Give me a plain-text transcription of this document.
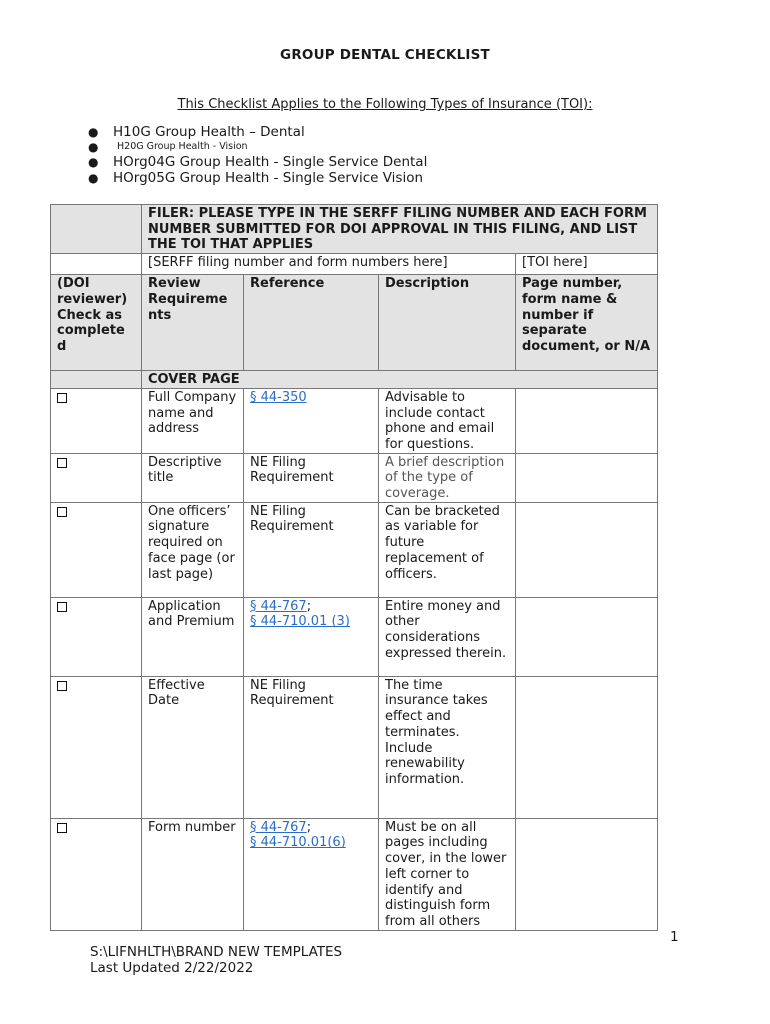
GROUP DENTAL CHECKLIST
This Checklist Applies to the Following Types of Insurance (TOI):
● H10G Group Health – Dental
● H20G Group Health - Vision
● HOrg04G Group Health - Single Service Dental
● HOrg05G Group Health - Single Service Vision
	FILER: PLEASE TYPE IN THE SERFF FILING NUMBER AND EACH FORM NUMBER SUBMITTED FOR DOI APPROVAL IN THIS FILING, AND LIST THE TOI THAT APPLIES			
	[SERFF filing number and form numbers here]			[TOI here]
(DOI reviewer) Check as complete d	Review Requireme nts	Reference	Description	Page number, form name & number if separate document, or N/A
	COVER PAGE			
	Full Company name and address	§ 44-350	Advisable to include contact phone and email for questions.	
	Descriptive title	NE Filing Requirement	A brief description of the type of coverage.	
	One officers’ signature required on face page (or last page)	NE Filing Requirement	Can be bracketed as variable for future replacement of officers.	
	Application and Premium	§ 44-767;
§ 44-710.01 (3)	Entire money and other considerations expressed therein.	
	Effective Date	NE Filing Requirement	The time insurance takes effect and terminates. Include renewability information.	
	Form number	§ 44-767;
§ 44-710.01(6)	Must be on all pages including cover, in the lower left corner to identify and distinguish form from all others	
1
S:\LIFNHLTH\BRAND NEW TEMPLATES
Last Updated 2/22/2022
